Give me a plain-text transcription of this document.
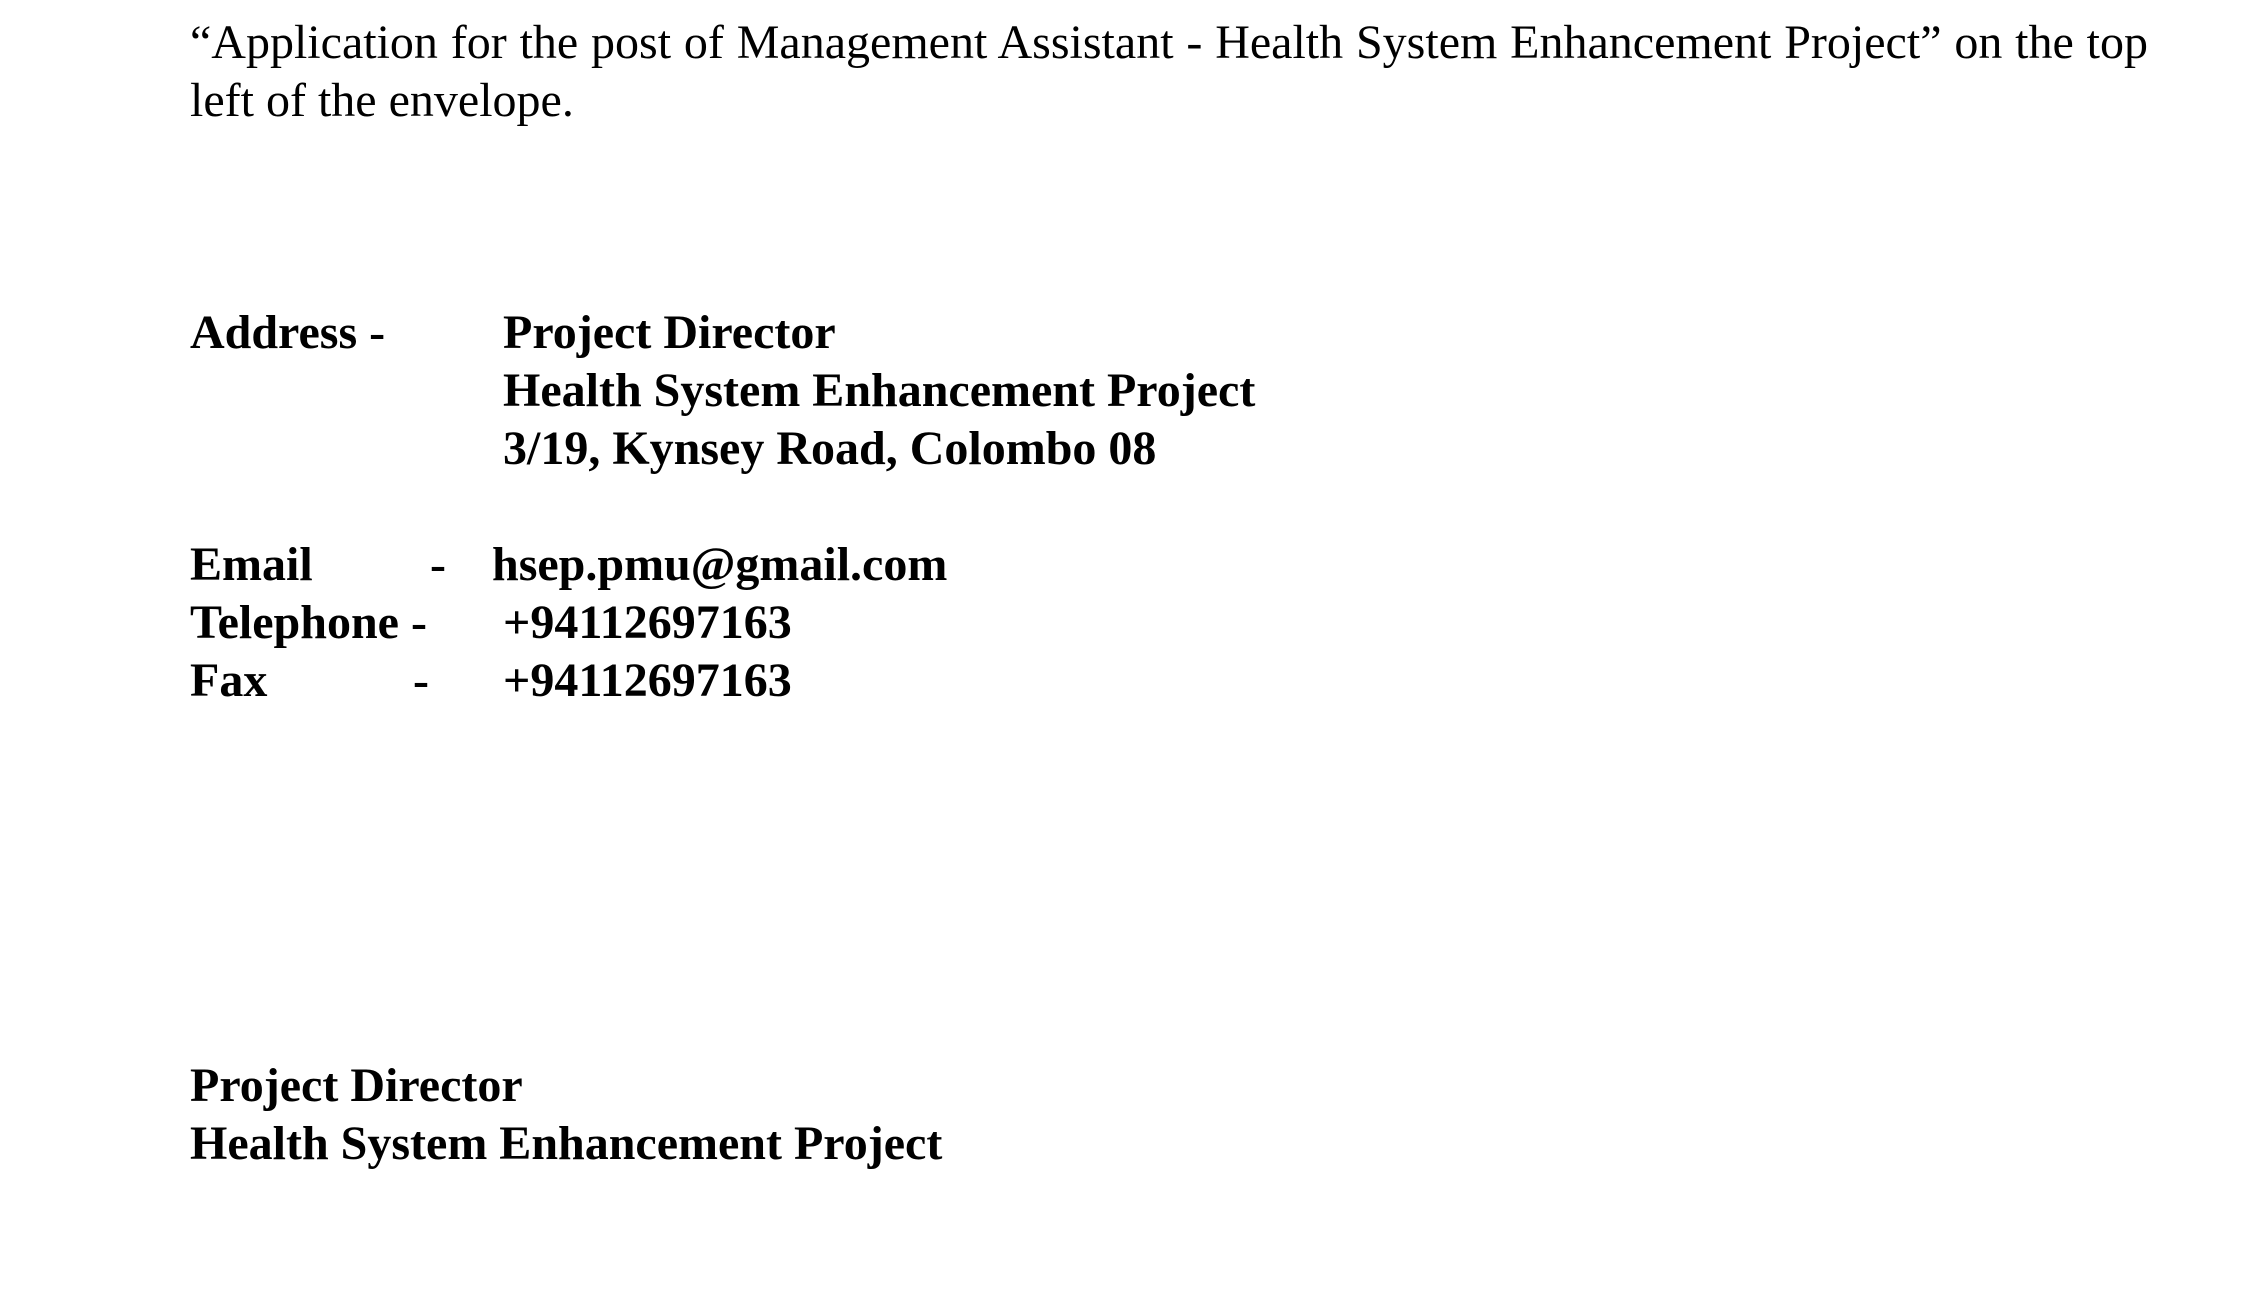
“Application for the post of Management Assistant - Health System Enhancement Project” on the top left of the envelope.

Address - Project Director
Health System Enhancement Project
3/19, Kynsey Road, Colombo 08
Email - hsep.pmu@gmail.com
Telephone - +94112697163
Fax	- +94112697163
Project Director
Health System Enhancement Project
